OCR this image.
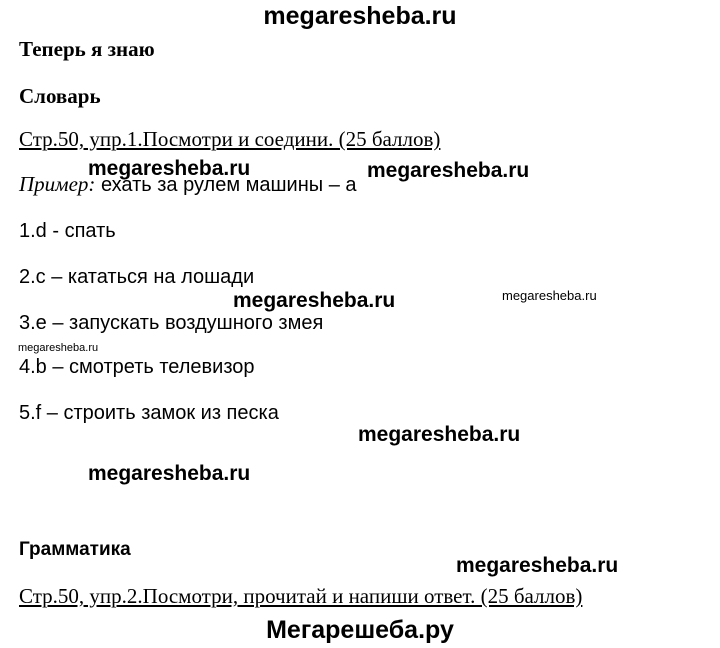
megaresheba.ru
Теперь я знаю
Словарь
Стр.50, упр.1.Посмотри и соедини. (25 баллов)
Пример: ехать за рулем машины – a
1.d - спать
2.c – кататься на лошади
3.e – запускать воздушного змея
4.b – смотреть телевизор
5.f – строить замок из песка
Грамматика
Стр.50, упр.2.Посмотри, прочитай и напиши ответ. (25 баллов)
Мегарешеба.ру
megaresheba.ru	megaresheba.ru
megaresheba.ru	megaresheba.ru
megaresheba.ru
megaresheba.ru
megaresheba.ru
megaresheba.ru
